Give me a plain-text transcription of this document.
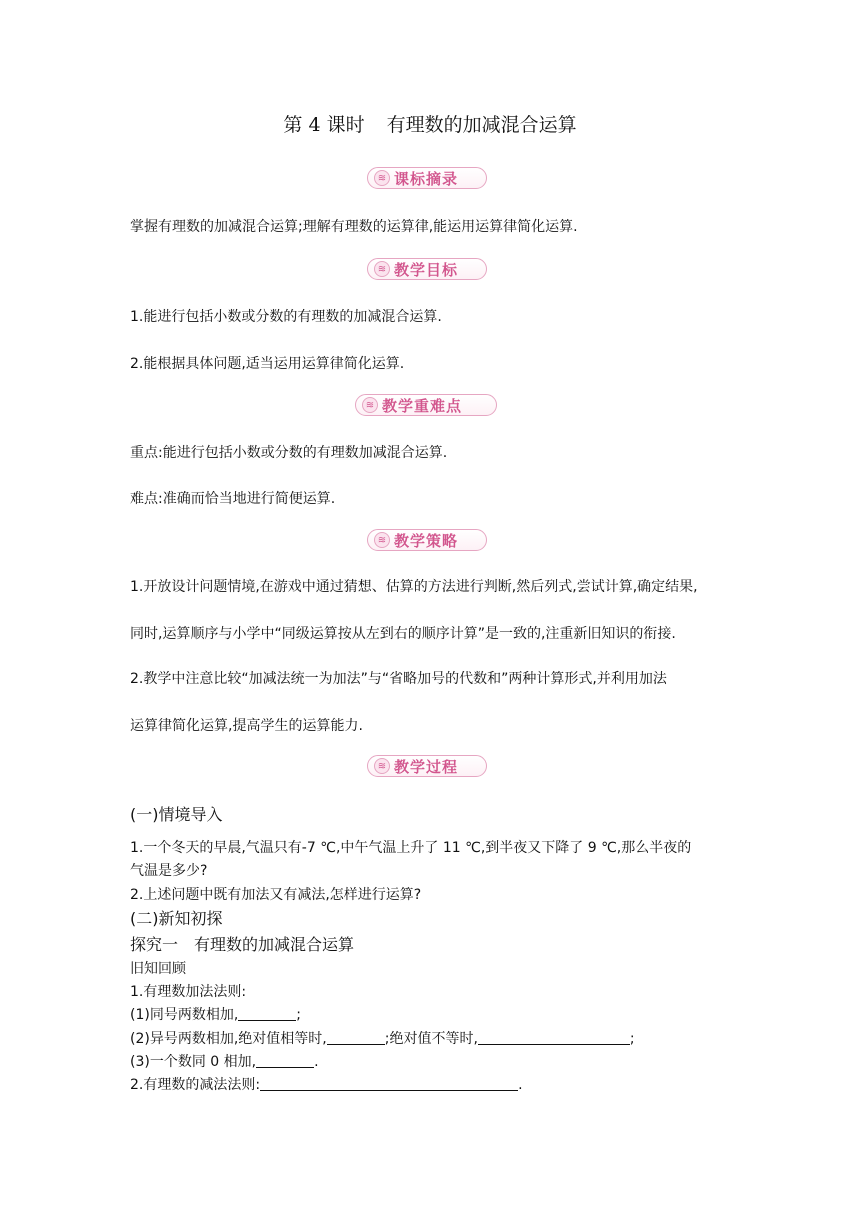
第 4 课时 有理数的加减混合运算
≋ 课标摘录
掌握有理数的加减混合运算;理解有理数的运算律,能运用运算律简化运算.
≋ 教学目标
1.能进行包括小数或分数的有理数的加减混合运算.
2.能根据具体问题,适当运用运算律简化运算.
≋ 教学重难点
重点:能进行包括小数或分数的有理数加减混合运算.
难点:准确而恰当地进行简便运算.
≋ 教学策略
1.开放设计问题情境,在游戏中通过猜想、估算的方法进行判断,然后列式,尝试计算,确定结果,
同时,运算顺序与小学中“同级运算按从左到右的顺序计算”是一致的,注重新旧知识的衔接.
2.教学中注意比较“加减法统一为加法”与“省略加号的代数和”两种计算形式,并利用加法
运算律简化运算,提高学生的运算能力.
≋ 教学过程
(一)情境导入
1.一个冬天的早晨,气温只有-7 ℃,中午气温上升了 11 ℃,到半夜又下降了 9 ℃,那么半夜的
气温是多少?
2.上述问题中既有加法又有减法,怎样进行运算?
(二)新知初探
探究一　有理数的加减混合运算
旧知回顾
1.有理数加法法则:
(1)同号两数相加,	;
(2)异号两数相加,绝对值相等时,	;绝对值不等时,	;
(3)一个数同 0 相加,	.
2.有理数的减法法则:	.
